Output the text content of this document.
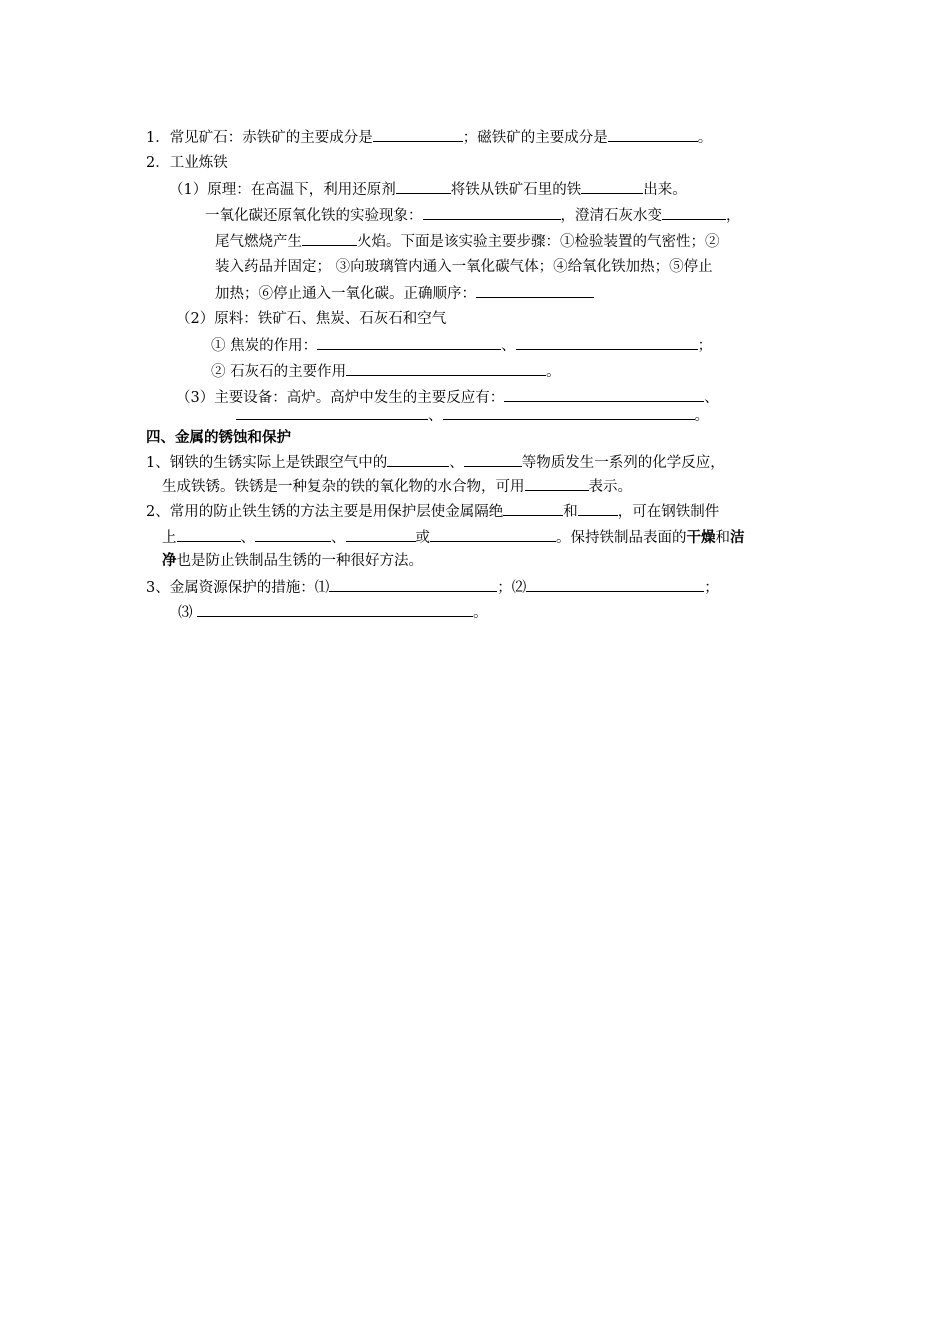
1．常见矿石：赤铁矿的主要成分是	；磁铁矿的主要成分是	。
2．工业炼铁
（1）原理：在高温下，利用还原剂	将铁从铁矿石里的铁	出来。
一氧化碳还原氧化铁的实验现象：	，澄清石灰水变	，
尾气燃烧产生	火焰。下面是该实验主要步骤：①检验装置的气密性；②
装入药品并固定； ③向玻璃管内通入一氧化碳气体；④给氧化铁加热；⑤停止
加热；⑥停止通入一氧化碳。正确顺序：
（2）原料：铁矿石、焦炭、石灰石和空气
① 焦炭的作用：	、	；
② 石灰石的主要作用	。
（3）主要设备：高炉。高炉中发生的主要反应有：	、
、	。
四、金属的锈蚀和保护
1、钢铁的生锈实际上是铁跟空气中的	、	等物质发生一系列的化学反应，
生成铁锈。铁锈是一种复杂的铁的氧化物的水合物，可用	表示。
2、常用的防止铁生锈的方法主要是用保护层使金属隔绝	和	，可在钢铁制件
上	、	、	或	。保持铁制品表面的干燥和洁
净也是防止铁制品生锈的一种很好方法。
3、金属资源保护的措施：⑴	；⑵	；
⑶	。
